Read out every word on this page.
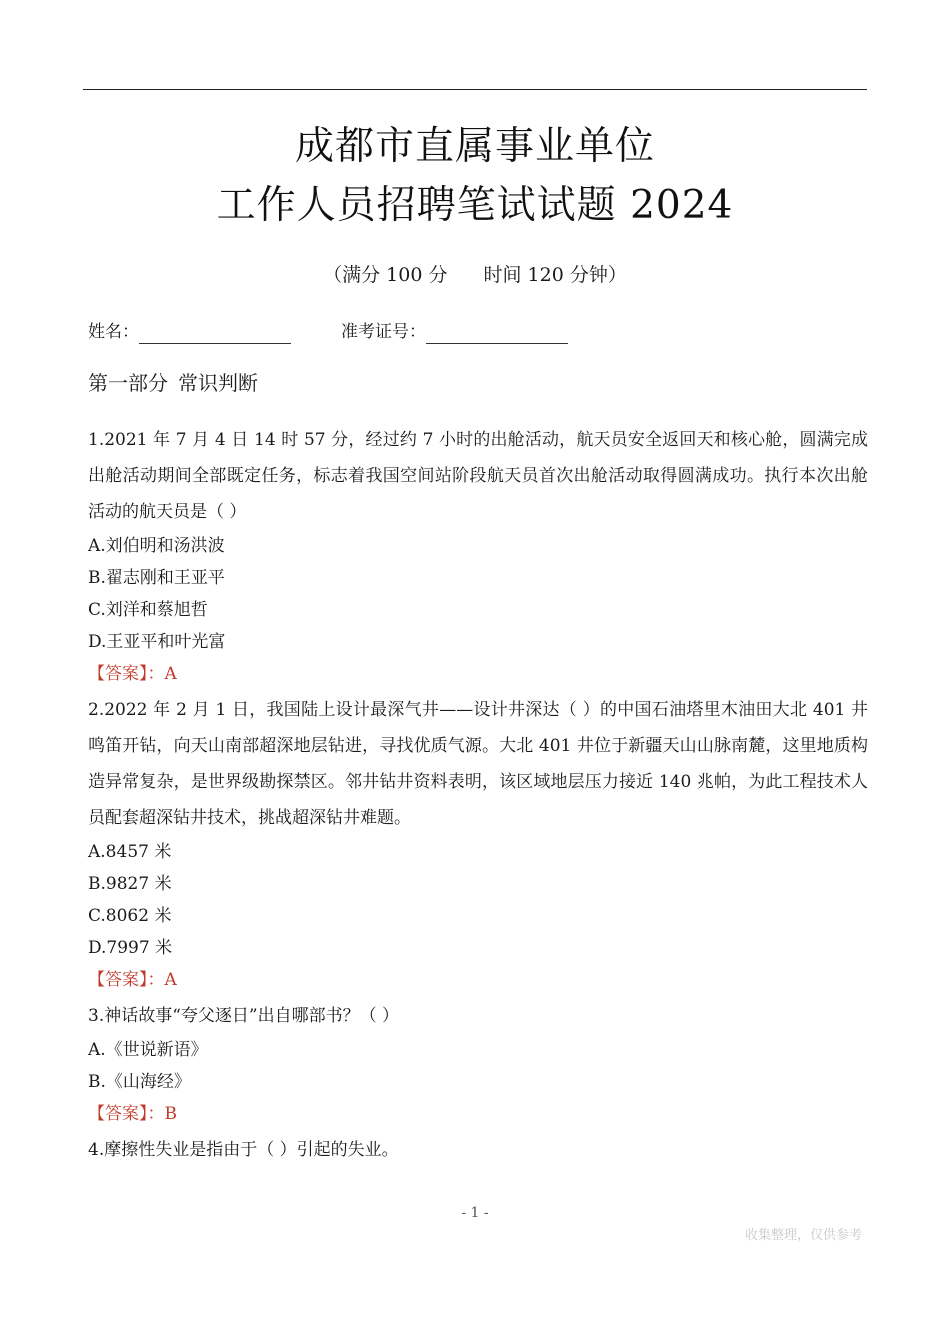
成都市直属事业单位
工作人员招聘笔试试题 2024
（满分 100 分 时间 120 分钟）
姓名：	准考证号：
第一部分 常识判断

1.2021 年 7 月 4 日 14 时 57 分，经过约 7 小时的出舱活动，航天员安全返回天和核心舱，圆满完成出舱活动期间全部既定任务，标志着我国空间站阶段航天员首次出舱活动取得圆满成功。执行本次出舱活动的航天员是（ ）

A.刘伯明和汤洪波

B.翟志刚和王亚平

C.刘洋和蔡旭哲

D.王亚平和叶光富

【答案】：A

2.2022 年 2 月 1 日，我国陆上设计最深气井——设计井深达（ ）的中国石油塔里木油田大北 401 井鸣笛开钻，向天山南部超深地层钻进，寻找优质气源。大北 401 井位于新疆天山山脉南麓，这里地质构造异常复杂，是世界级勘探禁区。邻井钻井资料表明，该区域地层压力接近 140 兆帕，为此工程技术人员配套超深钻井技术，挑战超深钻井难题。

A.8457 米

B.9827 米

C.8062 米

D.7997 米

【答案】：A

3.神话故事“夸父逐日”出自哪部书？（ ）

A.《世说新语》

B.《山海经》

【答案】：B

4.摩擦性失业是指由于（ ）引起的失业。

- 1 -
收集整理，仅供参考
